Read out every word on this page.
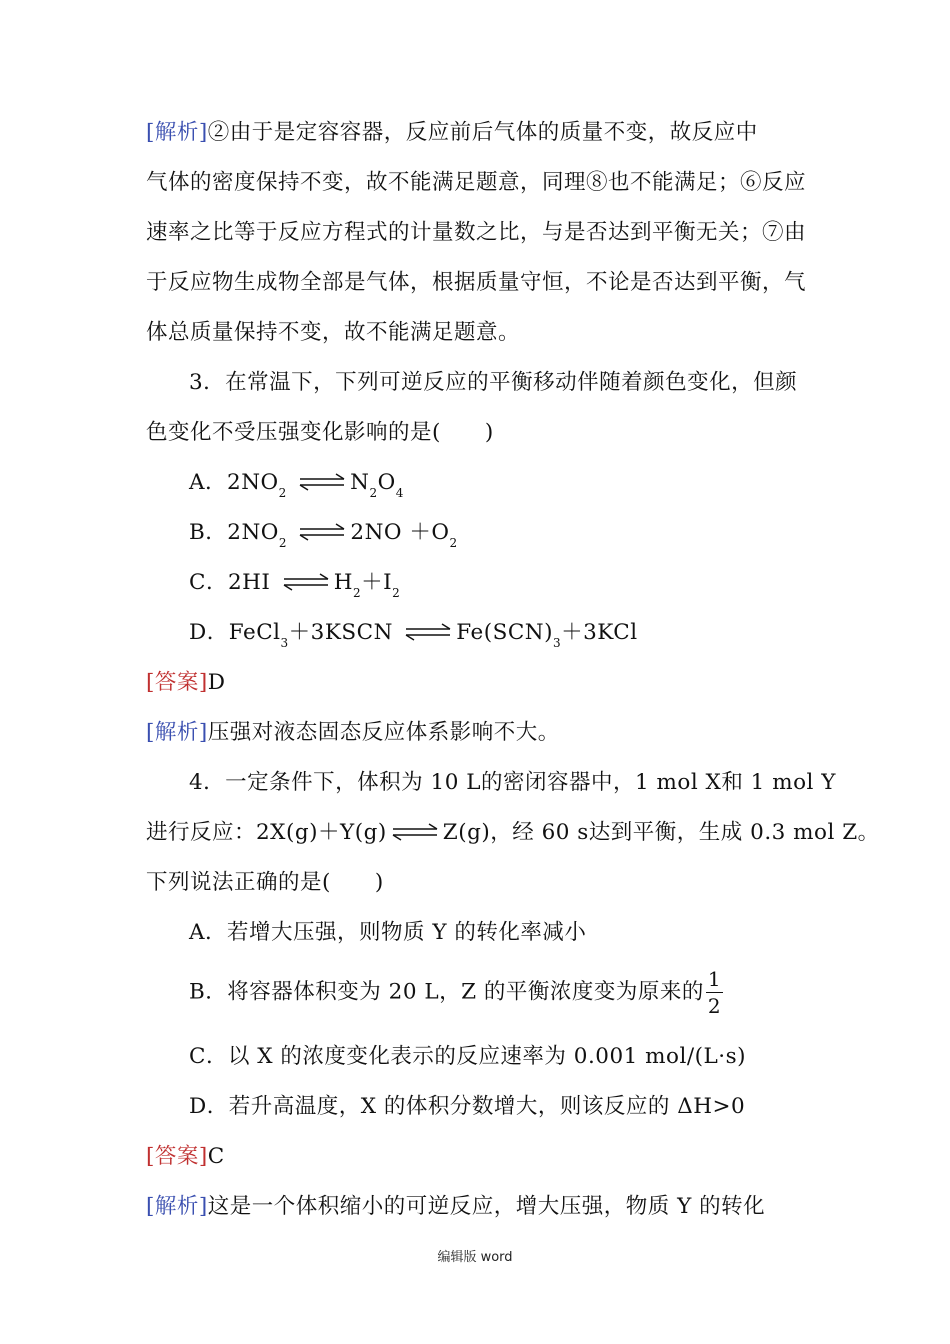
[解析]②由于是定容容器，反应前后气体的质量不变，故反应中
气体的密度保持不变，故不能满足题意，同理⑧也不能满足；⑥反应
速率之比等于反应方程式的计量数之比，与是否达到平衡无关；⑦由
于反应物生成物全部是气体，根据质量守恒，不论是否达到平衡，气
体总质量保持不变，故不能满足题意。
3．在常温下，下列可逆反应的平衡移动伴随着颜色变化，但颜
色变化不受压强变化影响的是(　　)
A．$2NO_2$	$N_2O_4$
B．$2NO_2$	$2NO +O_2$
C．2HI	$H_2+I_2$
D．FeCl$_3$＋3KSCN	$Fe(SCN)_3+3KCl$
[答案]D
[解析]压强对液态固态反应体系影响不大。
4．一定条件下，体积为 10 L的密闭容器中，1 mol X和 1 mol Y
进行反应：2X(g)＋Y(g)	Z(g)，经 60 s达到平衡，生成 0.3 mol Z。
下列说法正确的是(　　)
A．若增大压强，则物质 Y 的转化率减小
B．将容器体积变为 20 L，Z 的平衡浓度变为原来的 $\frac{1}{2}$
C．以 X 的浓度变化表示的反应速率为 0.001 mol/(L·s)
D．若升高温度，X 的体积分数增大，则该反应的 ΔH>0
[答案]C
[解析]这是一个体积缩小的可逆反应，增大压强，物质 Y 的转化
编辑版 word
